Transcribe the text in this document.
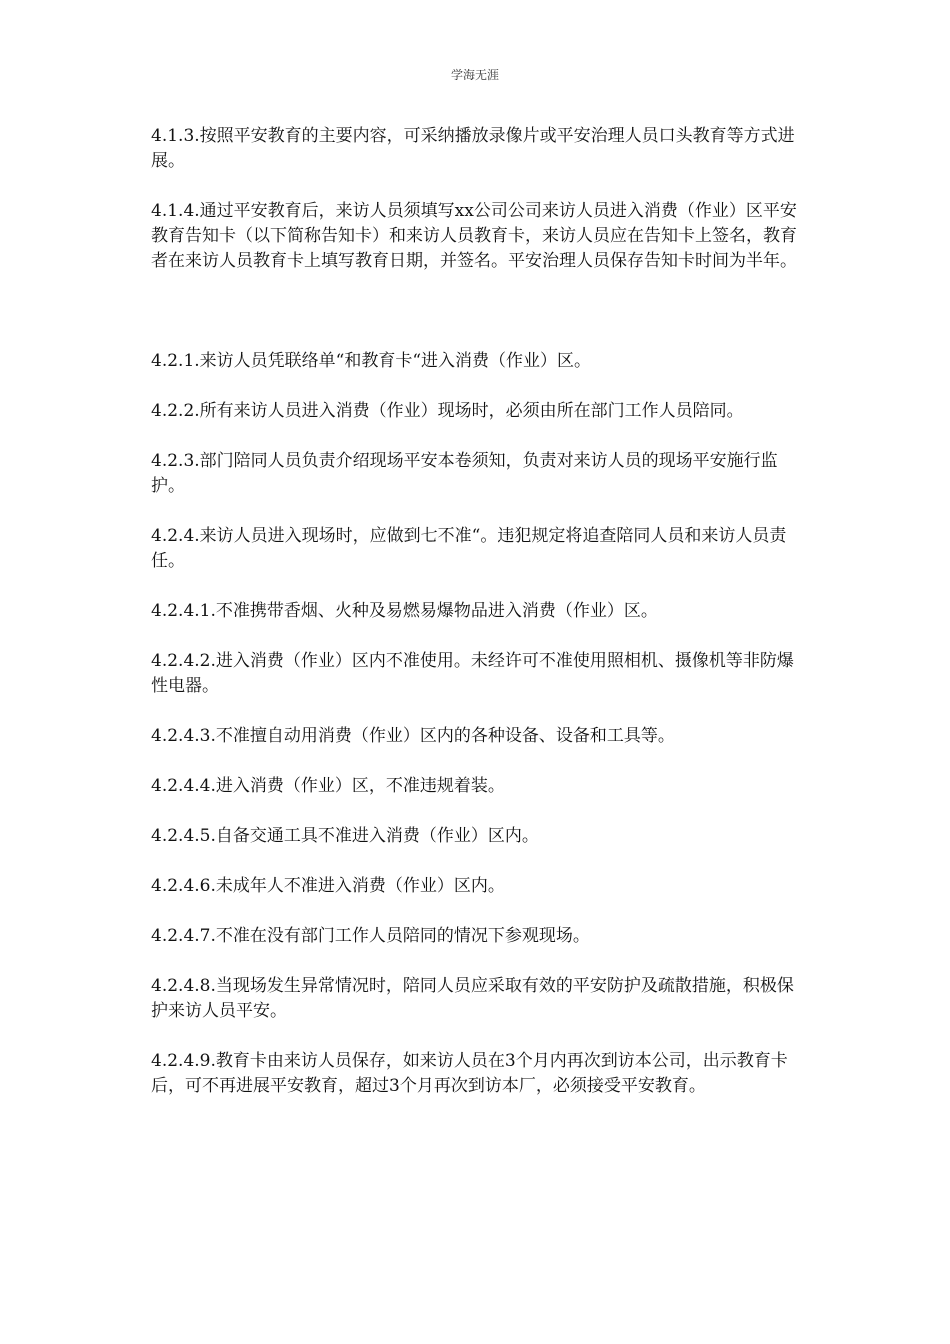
学海无涯

4.1.3.按照平安教育的主要内容，可采纳播放录像片或平安治理人员口头教育等方式进展。

4.1.4.通过平安教育后，来访人员须填写xx公司公司来访人员进入消费（作业）区平安教育告知卡（以下简称告知卡）和来访人员教育卡，来访人员应在告知卡上签名，教育者在来访人员教育卡上填写教育日期，并签名。平安治理人员保存告知卡时间为半年。

4.2.1.来访人员凭联络单“和教育卡“进入消费（作业）区。

4.2.2.所有来访人员进入消费（作业）现场时，必须由所在部门工作人员陪同。

4.2.3.部门陪同人员负责介绍现场平安本卷须知，负责对来访人员的现场平安施行监护。

4.2.4.来访人员进入现场时，应做到七不准“。违犯规定将追查陪同人员和来访人员责任。

4.2.4.1.不准携带香烟、火种及易燃易爆物品进入消费（作业）区。

4.2.4.2.进入消费（作业）区内不准使用。未经许可不准使用照相机、摄像机等非防爆性电器。

4.2.4.3.不准擅自动用消费（作业）区内的各种设备、设备和工具等。

4.2.4.4.进入消费（作业）区，不准违规着装。

4.2.4.5.自备交通工具不准进入消费（作业）区内。

4.2.4.6.未成年人不准进入消费（作业）区内。

4.2.4.7.不准在没有部门工作人员陪同的情况下参观现场。

4.2.4.8.当现场发生异常情况时，陪同人员应采取有效的平安防护及疏散措施，积极保护来访人员平安。

4.2.4.9.教育卡由来访人员保存，如来访人员在3个月内再次到访本公司，出示教育卡后，可不再进展平安教育，超过3个月再次到访本厂，必须接受平安教育。
